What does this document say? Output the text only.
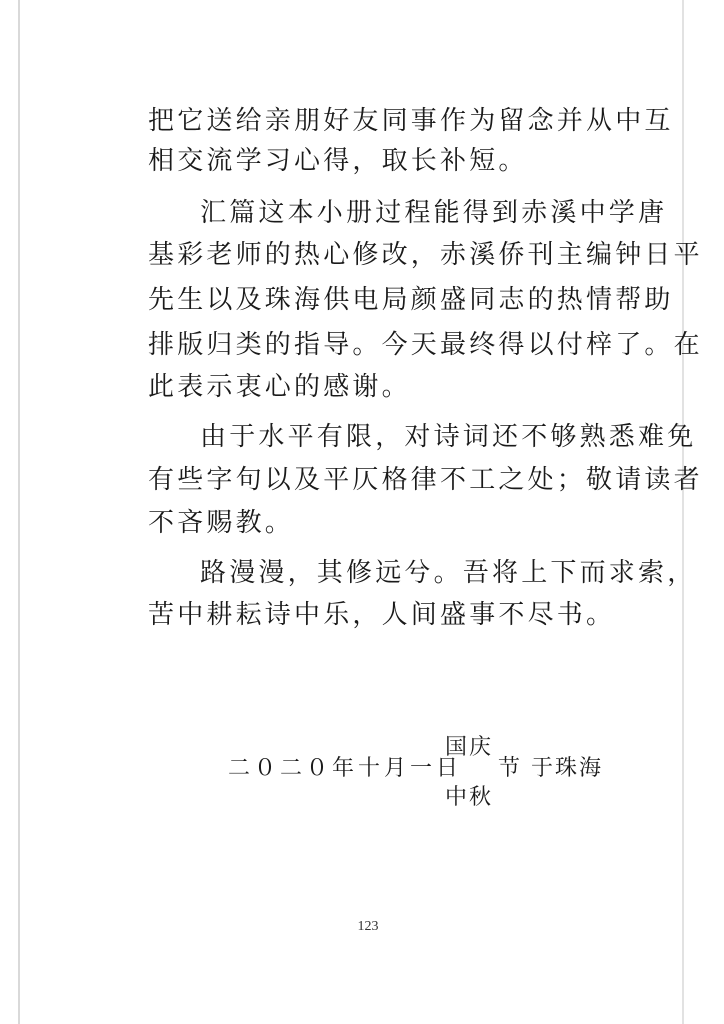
把它送给亲朋好友同事作为留念并从中互
相交流学习心得，取长补短。
汇篇这本小册过程能得到赤溪中学唐
基彩老师的热心修改，赤溪侨刊主编钟日平
先生以及珠海供电局颜盛同志的热情帮助
排版归类的指导。今天最终得以付梓了。在
此表示衷心的感谢。
由于水平有限，对诗词还不够熟悉难免
有些字句以及平仄格律不工之处；敬请读者
不吝赐教。
路漫漫，其修远兮。吾将上下而求索，
苦中耕耘诗中乐，人间盛事不尽书。
二０二０年十月一日
国庆
中秋
节 于珠海
123
